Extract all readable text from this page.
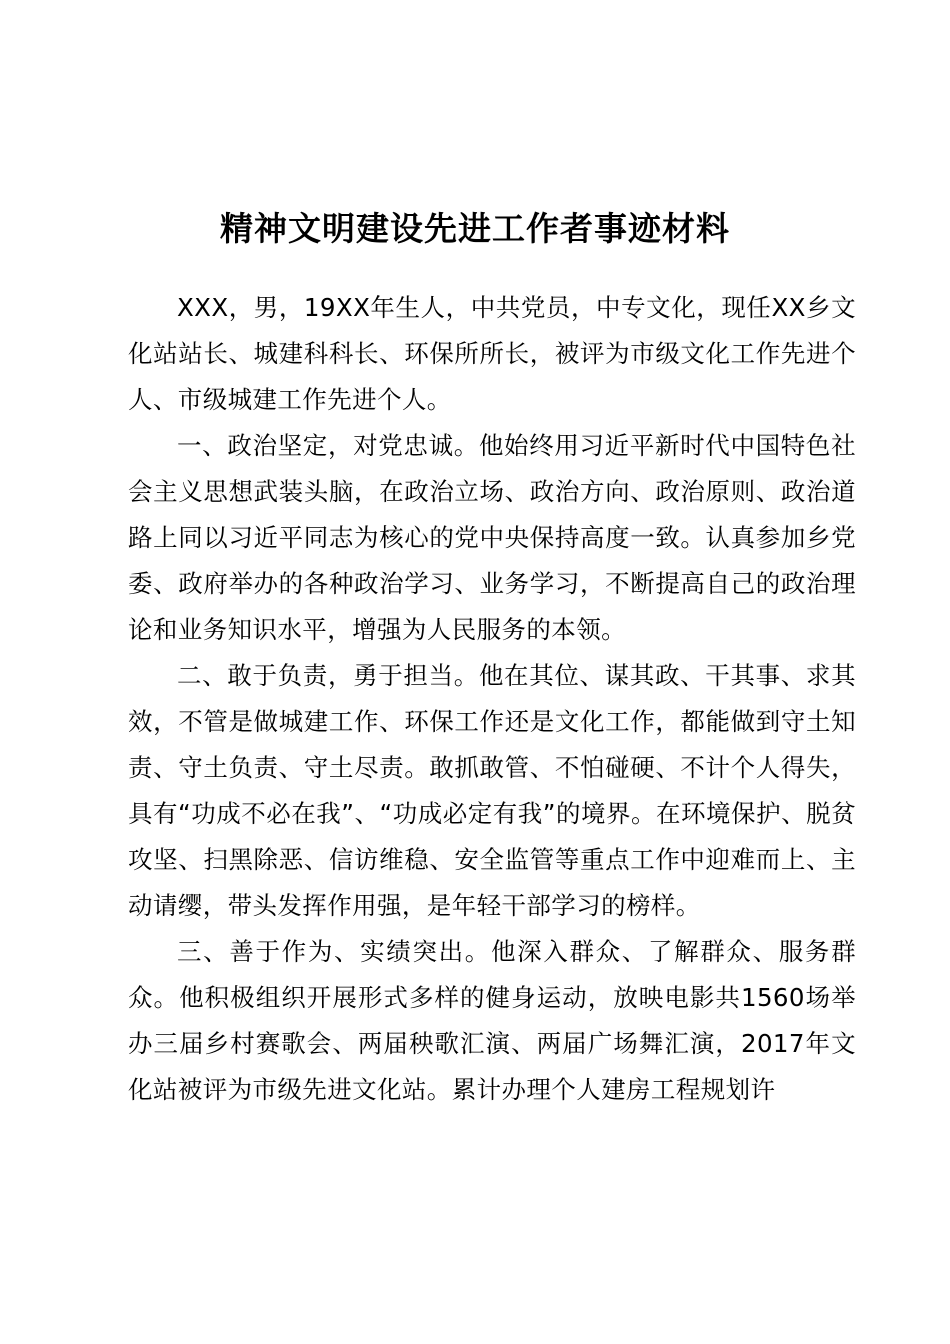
精神文明建设先进工作者事迹材料

XXX，男，19XX年生人，中共党员，中专文化，现任XX乡文化站站长、城建科科长、环保所所长，被评为市级文化工作先进个人、市级城建工作先进个人。

一、政治坚定，对党忠诚。他始终用习近平新时代中国特色社会主义思想武装头脑，在政治立场、政治方向、政治原则、政治道路上同以习近平同志为核心的党中央保持高度一致。认真参加乡党委、政府举办的各种政治学习、业务学习，不断提高自己的政治理论和业务知识水平，增强为人民服务的本领。

二、敢于负责，勇于担当。他在其位、谋其政、干其事、求其效，不管是做城建工作、环保工作还是文化工作，都能做到守土知责、守土负责、守土尽责。敢抓敢管、不怕碰硬、不计个人得失，具有“功成不必在我”、“功成必定有我”的境界。在环境保护、脱贫攻坚、扫黑除恶、信访维稳、安全监管等重点工作中迎难而上、主动请缨，带头发挥作用强，是年轻干部学习的榜样。

三、善于作为、实绩突出。他深入群众、了解群众、服务群众。他积极组织开展形式多样的健身运动，放映电影共1560场举办三届乡村赛歌会、两届秧歌汇演、两届广场舞汇演，2017年文化站被评为市级先进文化站。累计办理个人建房工程规划许
